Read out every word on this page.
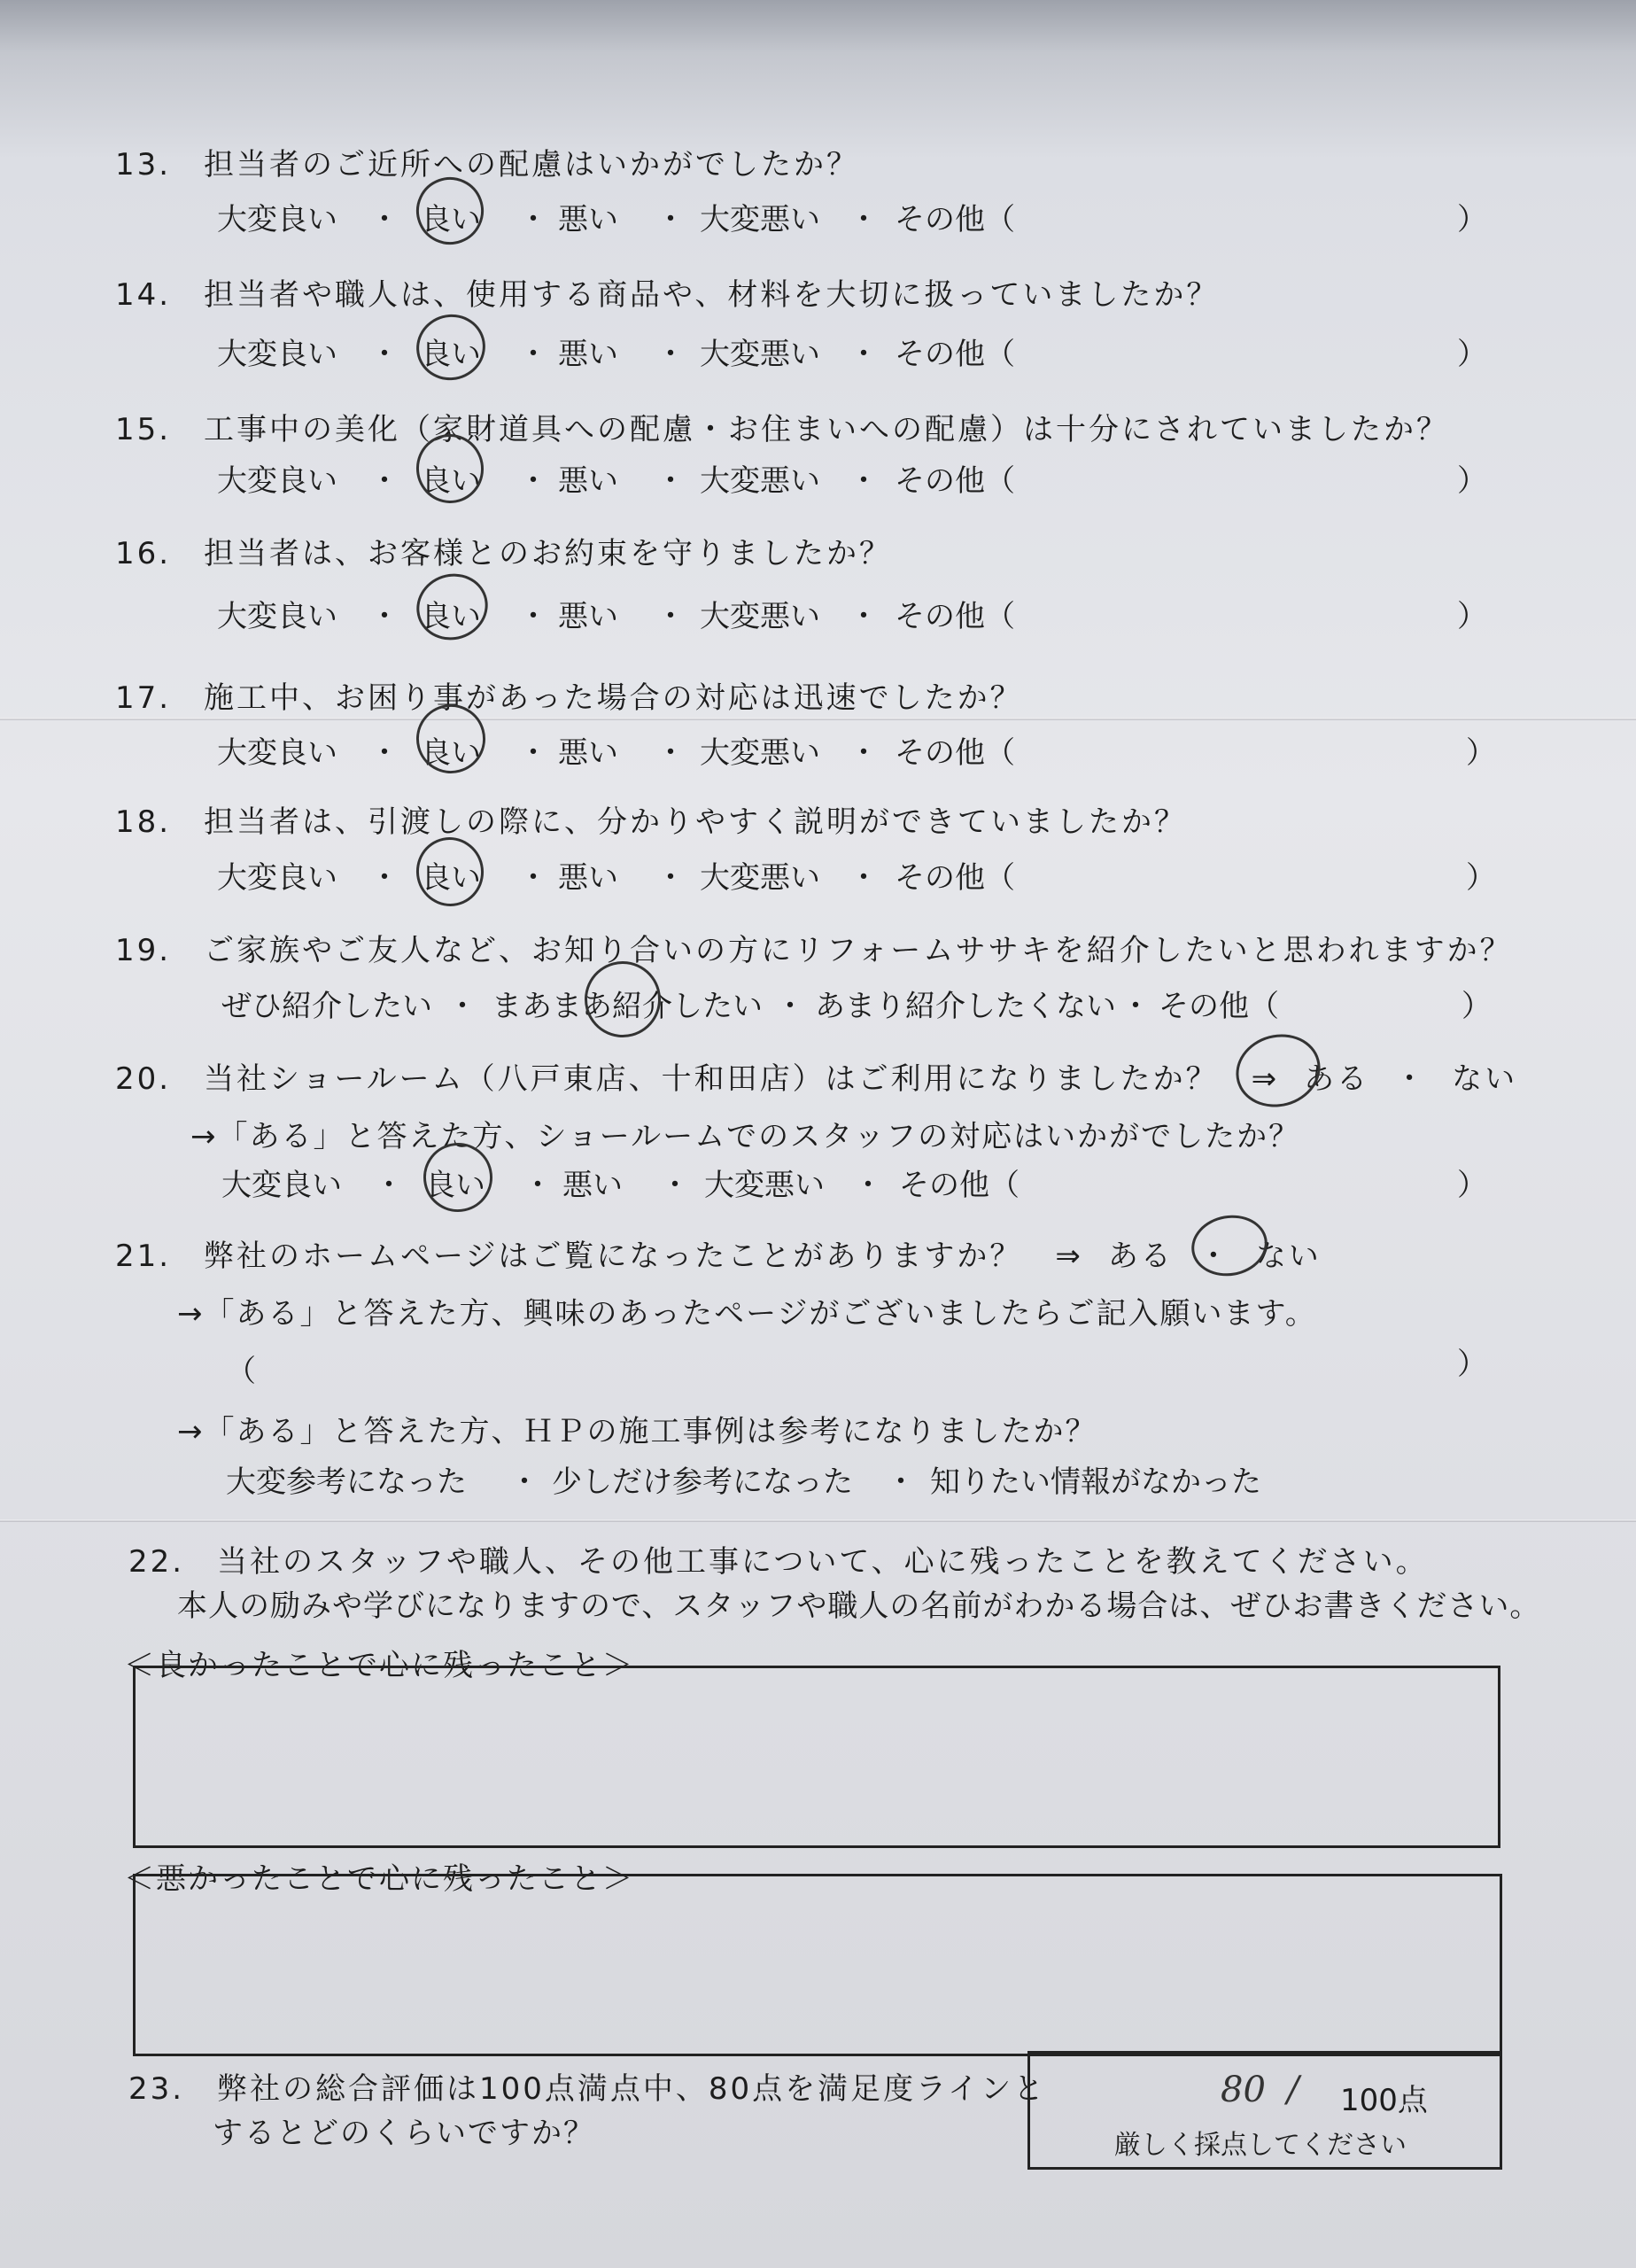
13. 担当者のご近所への配慮はいかがでしたか？
大変良い ・ 良い ・ 悪い ・ 大変悪い ・ その他（	）
14. 担当者や職人は、使用する商品や、材料を大切に扱っていましたか？
大変良い ・ 良い ・ 悪い ・ 大変悪い ・ その他（	）
15. 工事中の美化（家財道具への配慮・お住まいへの配慮）は十分にされていましたか？
大変良い ・ 良い ・ 悪い ・ 大変悪い ・ その他（	）
16. 担当者は、お客様とのお約束を守りましたか？
大変良い ・ 良い ・ 悪い ・ 大変悪い ・ その他（	）
17. 施工中、お困り事があった場合の対応は迅速でしたか？
大変良い ・ 良い ・ 悪い ・ 大変悪い ・ その他（	）
18. 担当者は、引渡しの際に、分かりやすく説明ができていましたか？
大変良い ・ 良い ・ 悪い ・ 大変悪い ・ その他（	）
19. ご家族やご友人など、お知り合いの方にリフォームササキを紹介したいと思われますか？
ぜひ紹介したい ・ まあまあ紹介したい ・ あまり紹介したくない ・ その他（	）
20. 当社ショールーム（八戸東店、十和田店）はご利用になりましたか？　⇒ ある ・ ない
→「ある」と答えた方、ショールームでのスタッフの対応はいかがでしたか？
大変良い ・ 良い ・ 悪い ・ 大変悪い ・ その他（	）
21. 弊社のホームページはご覧になったことがありますか？　⇒ ある ・ ない
→「ある」と答えた方、興味のあったページがございましたらご記入願います。
（	）
→「ある」と答えた方、ＨＰの施工事例は参考になりましたか？
大変参考になった ・ 少しだけ参考になった ・ 知りたい情報がなかった
22. 当社のスタッフや職人、その他工事について、心に残ったことを教えてください。
本人の励みや学びになりますので、スタッフや職人の名前がわかる場合は、ぜひお書きください。
＜良かったことで心に残ったこと＞
＜悪かったことで心に残ったこと＞
23. 弊社の総合評価は100点満点中、80点を満足度ラインと
するとどのくらいですか？
80 / 100点
厳しく採点してください
